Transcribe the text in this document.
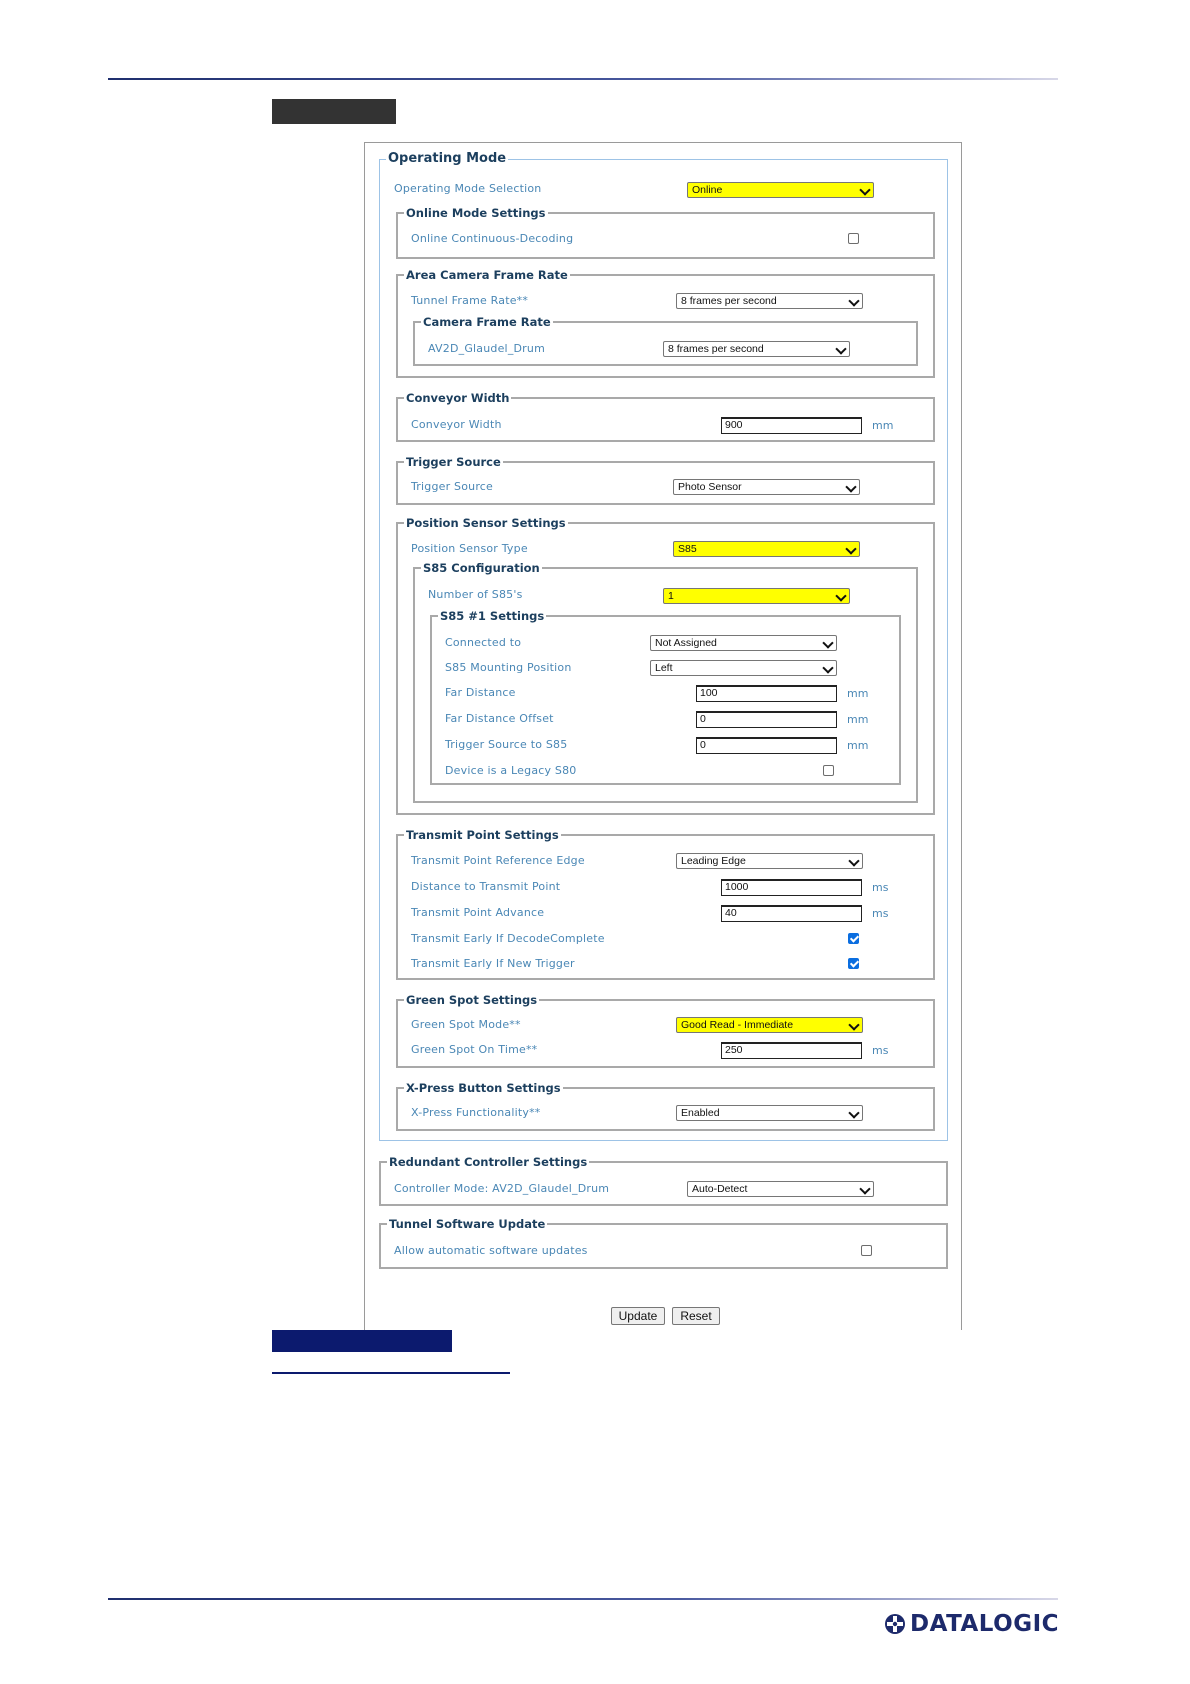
Operating Mode
Operating Mode Selection	Online
Online Mode Settings
Online Continuous-Decoding
Area Camera Frame Rate
Tunnel Frame Rate**	8 frames per second
Camera Frame Rate
AV2D_Glaudel_Drum	8 frames per second
Conveyor Width
Conveyor Width	900	mm
Trigger Source
Trigger Source	Photo Sensor
Position Sensor Settings
Position Sensor Type	S85
S85 Configuration
Number of S85's	1
S85 #1 Settings
Connected to	Not Assigned
S85 Mounting Position	Left
Far Distance	100	mm
Far Distance Offset	0	mm
Trigger Source to S85	0	mm
Device is a Legacy S80
Transmit Point Settings
Transmit Point Reference Edge	Leading Edge
Distance to Transmit Point	1000	ms
Transmit Point Advance	40	ms
Transmit Early If DecodeComplete
Transmit Early If New Trigger
Green Spot Settings
Green Spot Mode**	Good Read - Immediate
Green Spot On Time**	250	ms
X-Press Button Settings
X-Press Functionality**	Enabled
Redundant Controller Settings
Controller Mode: AV2D_Glaudel_Drum	Auto-Detect
Tunnel Software Update
Allow automatic software updates
Update	Reset
DATALOGIC
